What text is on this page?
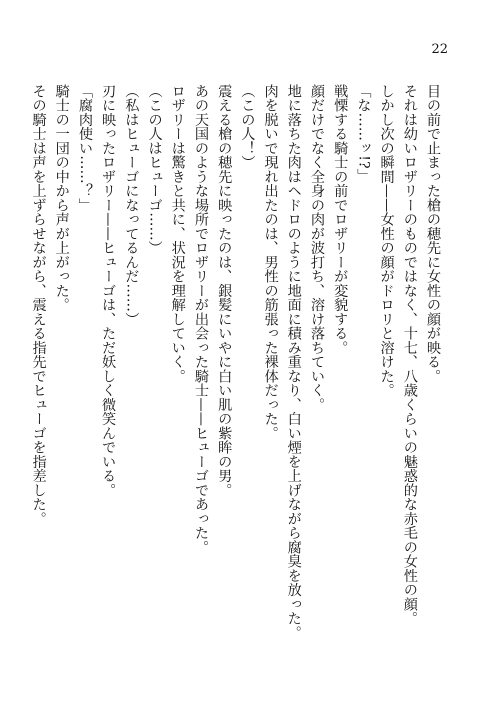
22

目の前で止まった槍の穂先に女性の顔が映る。

それは幼いロザリーのものではなく、十七、八歳くらいの魅惑的な赤毛の女性の顔。

しかし次の瞬間——女性の顔がドロリと溶けた。

「な……ッ!?」

戦慄する騎士の前でロザリーが変貌する。

顔だけでなく全身の肉が波打ち、溶け落ちていく。

地に落ちた肉はヘドロのように地面に積み重なり、白い煙を上げながら腐臭を放った。

肉を脱いで現れ出たのは、男性の筋張った裸体だった。

（この人！）

震える槍の穂先に映ったのは、銀髪にいやに白い肌の紫眸の男。

あの天国のような場所でロザリーが出会った騎士——ヒューゴであった。

ロザリーは驚きと共に、状況を理解していく。

（この人はヒューゴ……）

（私はヒューゴになってるんだ……）

刃に映ったロザリー——ヒューゴは、ただ妖しく微笑んでいる。

「腐肉使い……？」

騎士の一団の中から声が上がった。

その騎士は声を上ずらせながら、震える指先でヒューゴを指差した。
